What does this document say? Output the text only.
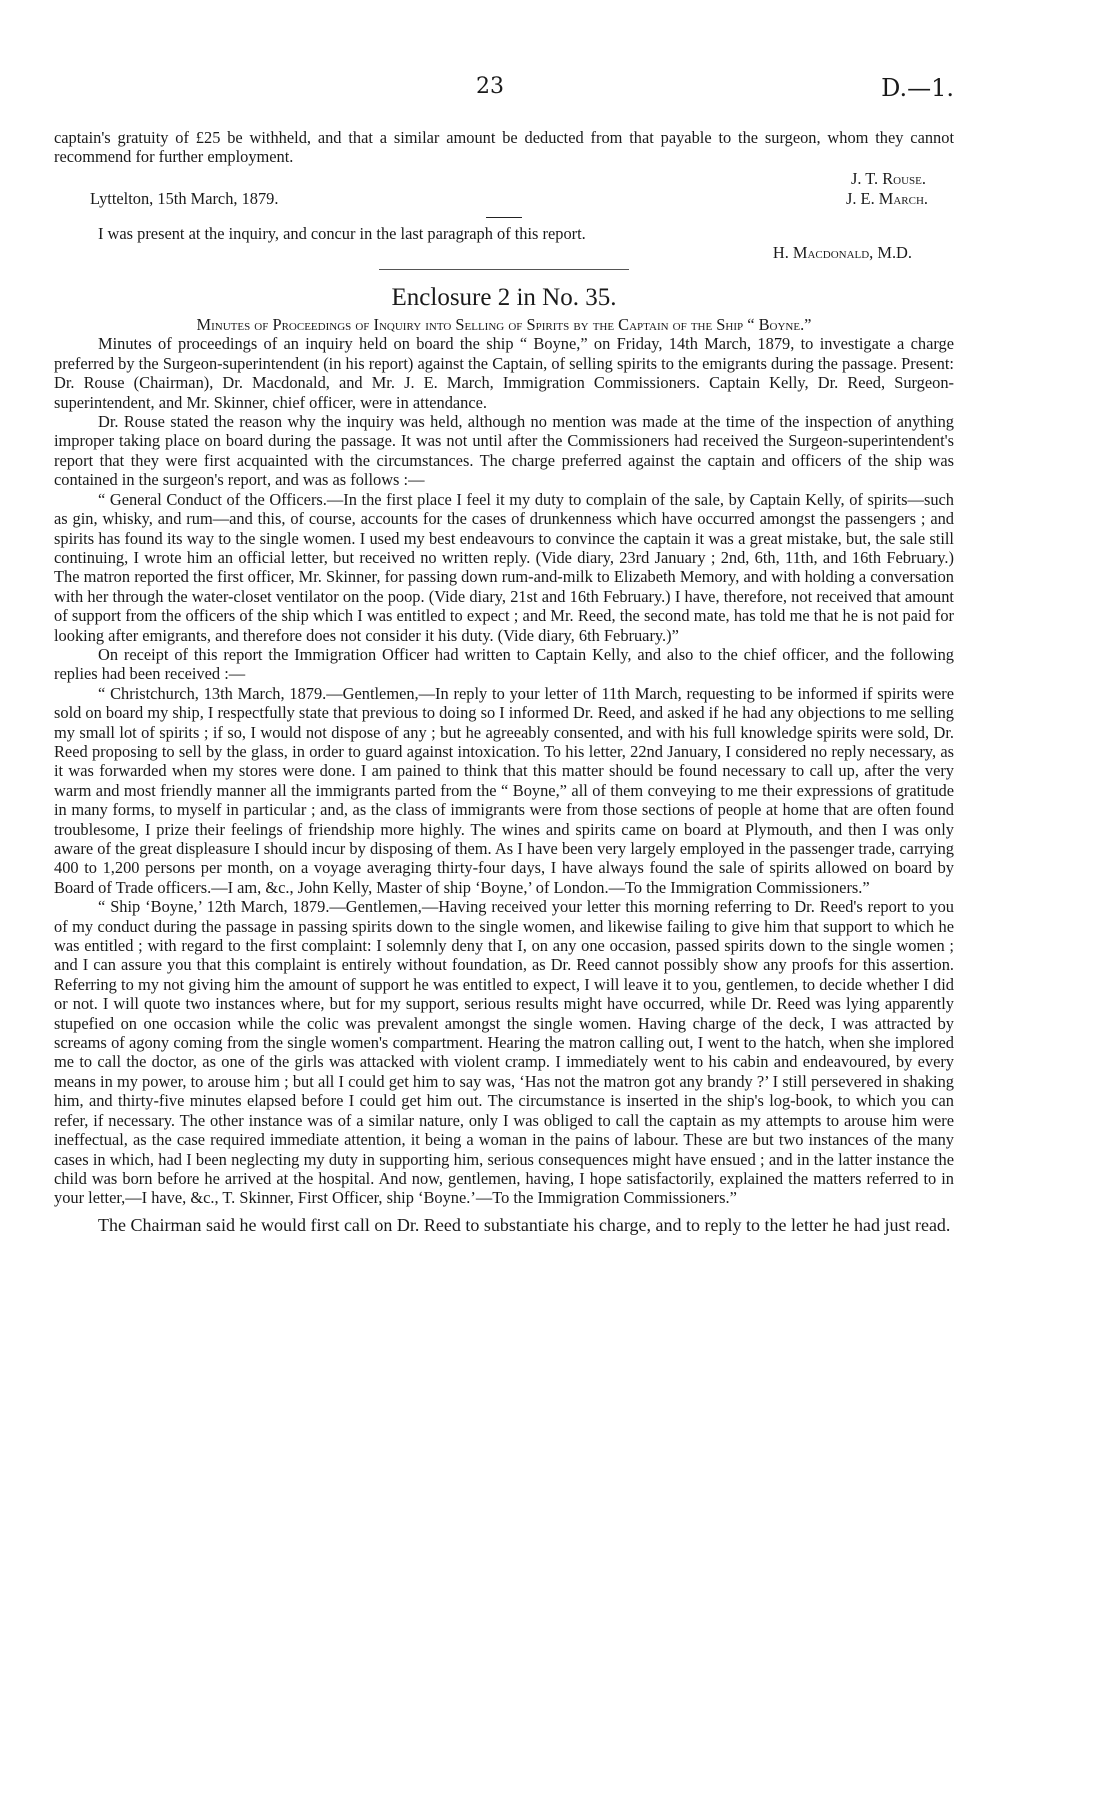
23	D.—1.

captain's gratuity of £25 be withheld, and that a similar amount be deducted from that payable to the surgeon, whom they cannot recommend for further employment.

J. T. Rouse.
Lyttelton, 15th March, 1879.	J. E. March.

I was present at the inquiry, and concur in the last paragraph of this report.

H. Macdonald, M.D.

Enclosure 2 in No. 35.

Minutes of Proceedings of Inquiry into Selling of Spirits by the Captain of the Ship “ Boyne.”

Minutes of proceedings of an inquiry held on board the ship “ Boyne,” on Friday, 14th March, 1879, to investigate a charge preferred by the Surgeon-superintendent (in his report) against the Captain, of selling spirits to the emigrants during the passage. Present: Dr. Rouse (Chairman), Dr. Macdonald, and Mr. J. E. March, Immigration Commissioners. Captain Kelly, Dr. Reed, Surgeon-superintendent, and Mr. Skinner, chief officer, were in attendance.

Dr. Rouse stated the reason why the inquiry was held, although no mention was made at the time of the inspection of anything improper taking place on board during the passage. It was not until after the Commissioners had received the Surgeon-superintendent's report that they were first acquainted with the circumstances. The charge preferred against the captain and officers of the ship was contained in the surgeon's report, and was as follows :—

“ General Conduct of the Officers.—In the first place I feel it my duty to complain of the sale, by Captain Kelly, of spirits—such as gin, whisky, and rum—and this, of course, accounts for the cases of drunkenness which have occurred amongst the passengers ; and spirits has found its way to the single women. I used my best endeavours to convince the captain it was a great mistake, but, the sale still continuing, I wrote him an official letter, but received no written reply. (Vide diary, 23rd January ; 2nd, 6th, 11th, and 16th February.) The matron reported the first officer, Mr. Skinner, for passing down rum-and-milk to Elizabeth Memory, and with holding a conversation with her through the water-closet ventilator on the poop. (Vide diary, 21st and 16th February.) I have, therefore, not received that amount of support from the officers of the ship which I was entitled to expect ; and Mr. Reed, the second mate, has told me that he is not paid for looking after emigrants, and therefore does not consider it his duty. (Vide diary, 6th February.)”

On receipt of this report the Immigration Officer had written to Captain Kelly, and also to the chief officer, and the following replies had been received :—

“ Christchurch, 13th March, 1879.—Gentlemen,—In reply to your letter of 11th March, requesting to be informed if spirits were sold on board my ship, I respectfully state that previous to doing so I informed Dr. Reed, and asked if he had any objections to me selling my small lot of spirits ; if so, I would not dispose of any ; but he agreeably consented, and with his full knowledge spirits were sold, Dr. Reed proposing to sell by the glass, in order to guard against intoxication. To his letter, 22nd January, I considered no reply necessary, as it was forwarded when my stores were done. I am pained to think that this matter should be found necessary to call up, after the very warm and most friendly manner all the immigrants parted from the “ Boyne,” all of them conveying to me their expressions of gratitude in many forms, to myself in particular ; and, as the class of immigrants were from those sections of people at home that are often found troublesome, I prize their feelings of friendship more highly. The wines and spirits came on board at Plymouth, and then I was only aware of the great displeasure I should incur by disposing of them. As I have been very largely employed in the passenger trade, carrying 400 to 1,200 persons per month, on a voyage averaging thirty-four days, I have always found the sale of spirits allowed on board by Board of Trade officers.—I am, &c., John Kelly, Master of ship ‘Boyne,’ of London.—To the Immigration Commissioners.”

“ Ship ‘Boyne,’ 12th March, 1879.—Gentlemen,—Having received your letter this morning referring to Dr. Reed's report to you of my conduct during the passage in passing spirits down to the single women, and likewise failing to give him that support to which he was entitled ; with regard to the first complaint: I solemnly deny that I, on any one occasion, passed spirits down to the single women ; and I can assure you that this complaint is entirely without foundation, as Dr. Reed cannot possibly show any proofs for this assertion. Referring to my not giving him the amount of support he was entitled to expect, I will leave it to you, gentlemen, to decide whether I did or not. I will quote two instances where, but for my support, serious results might have occurred, while Dr. Reed was lying apparently stupefied on one occasion while the colic was prevalent amongst the single women. Having charge of the deck, I was attracted by screams of agony coming from the single women's compartment. Hearing the matron calling out, I went to the hatch, when she implored me to call the doctor, as one of the girls was attacked with violent cramp. I immediately went to his cabin and endeavoured, by every means in my power, to arouse him ; but all I could get him to say was, ‘Has not the matron got any brandy ?’ I still persevered in shaking him, and thirty-five minutes elapsed before I could get him out. The circumstance is inserted in the ship's log-book, to which you can refer, if necessary. The other instance was of a similar nature, only I was obliged to call the captain as my attempts to arouse him were ineffectual, as the case required immediate attention, it being a woman in the pains of labour. These are but two instances of the many cases in which, had I been neglecting my duty in supporting him, serious consequences might have ensued ; and in the latter instance the child was born before he arrived at the hospital. And now, gentlemen, having, I hope satisfactorily, explained the matters referred to in your letter,—I have, &c., T. Skinner, First Officer, ship ‘Boyne.’—To the Immigration Commissioners.”

The Chairman said he would first call on Dr. Reed to substantiate his charge, and to reply to the letter he had just read.
